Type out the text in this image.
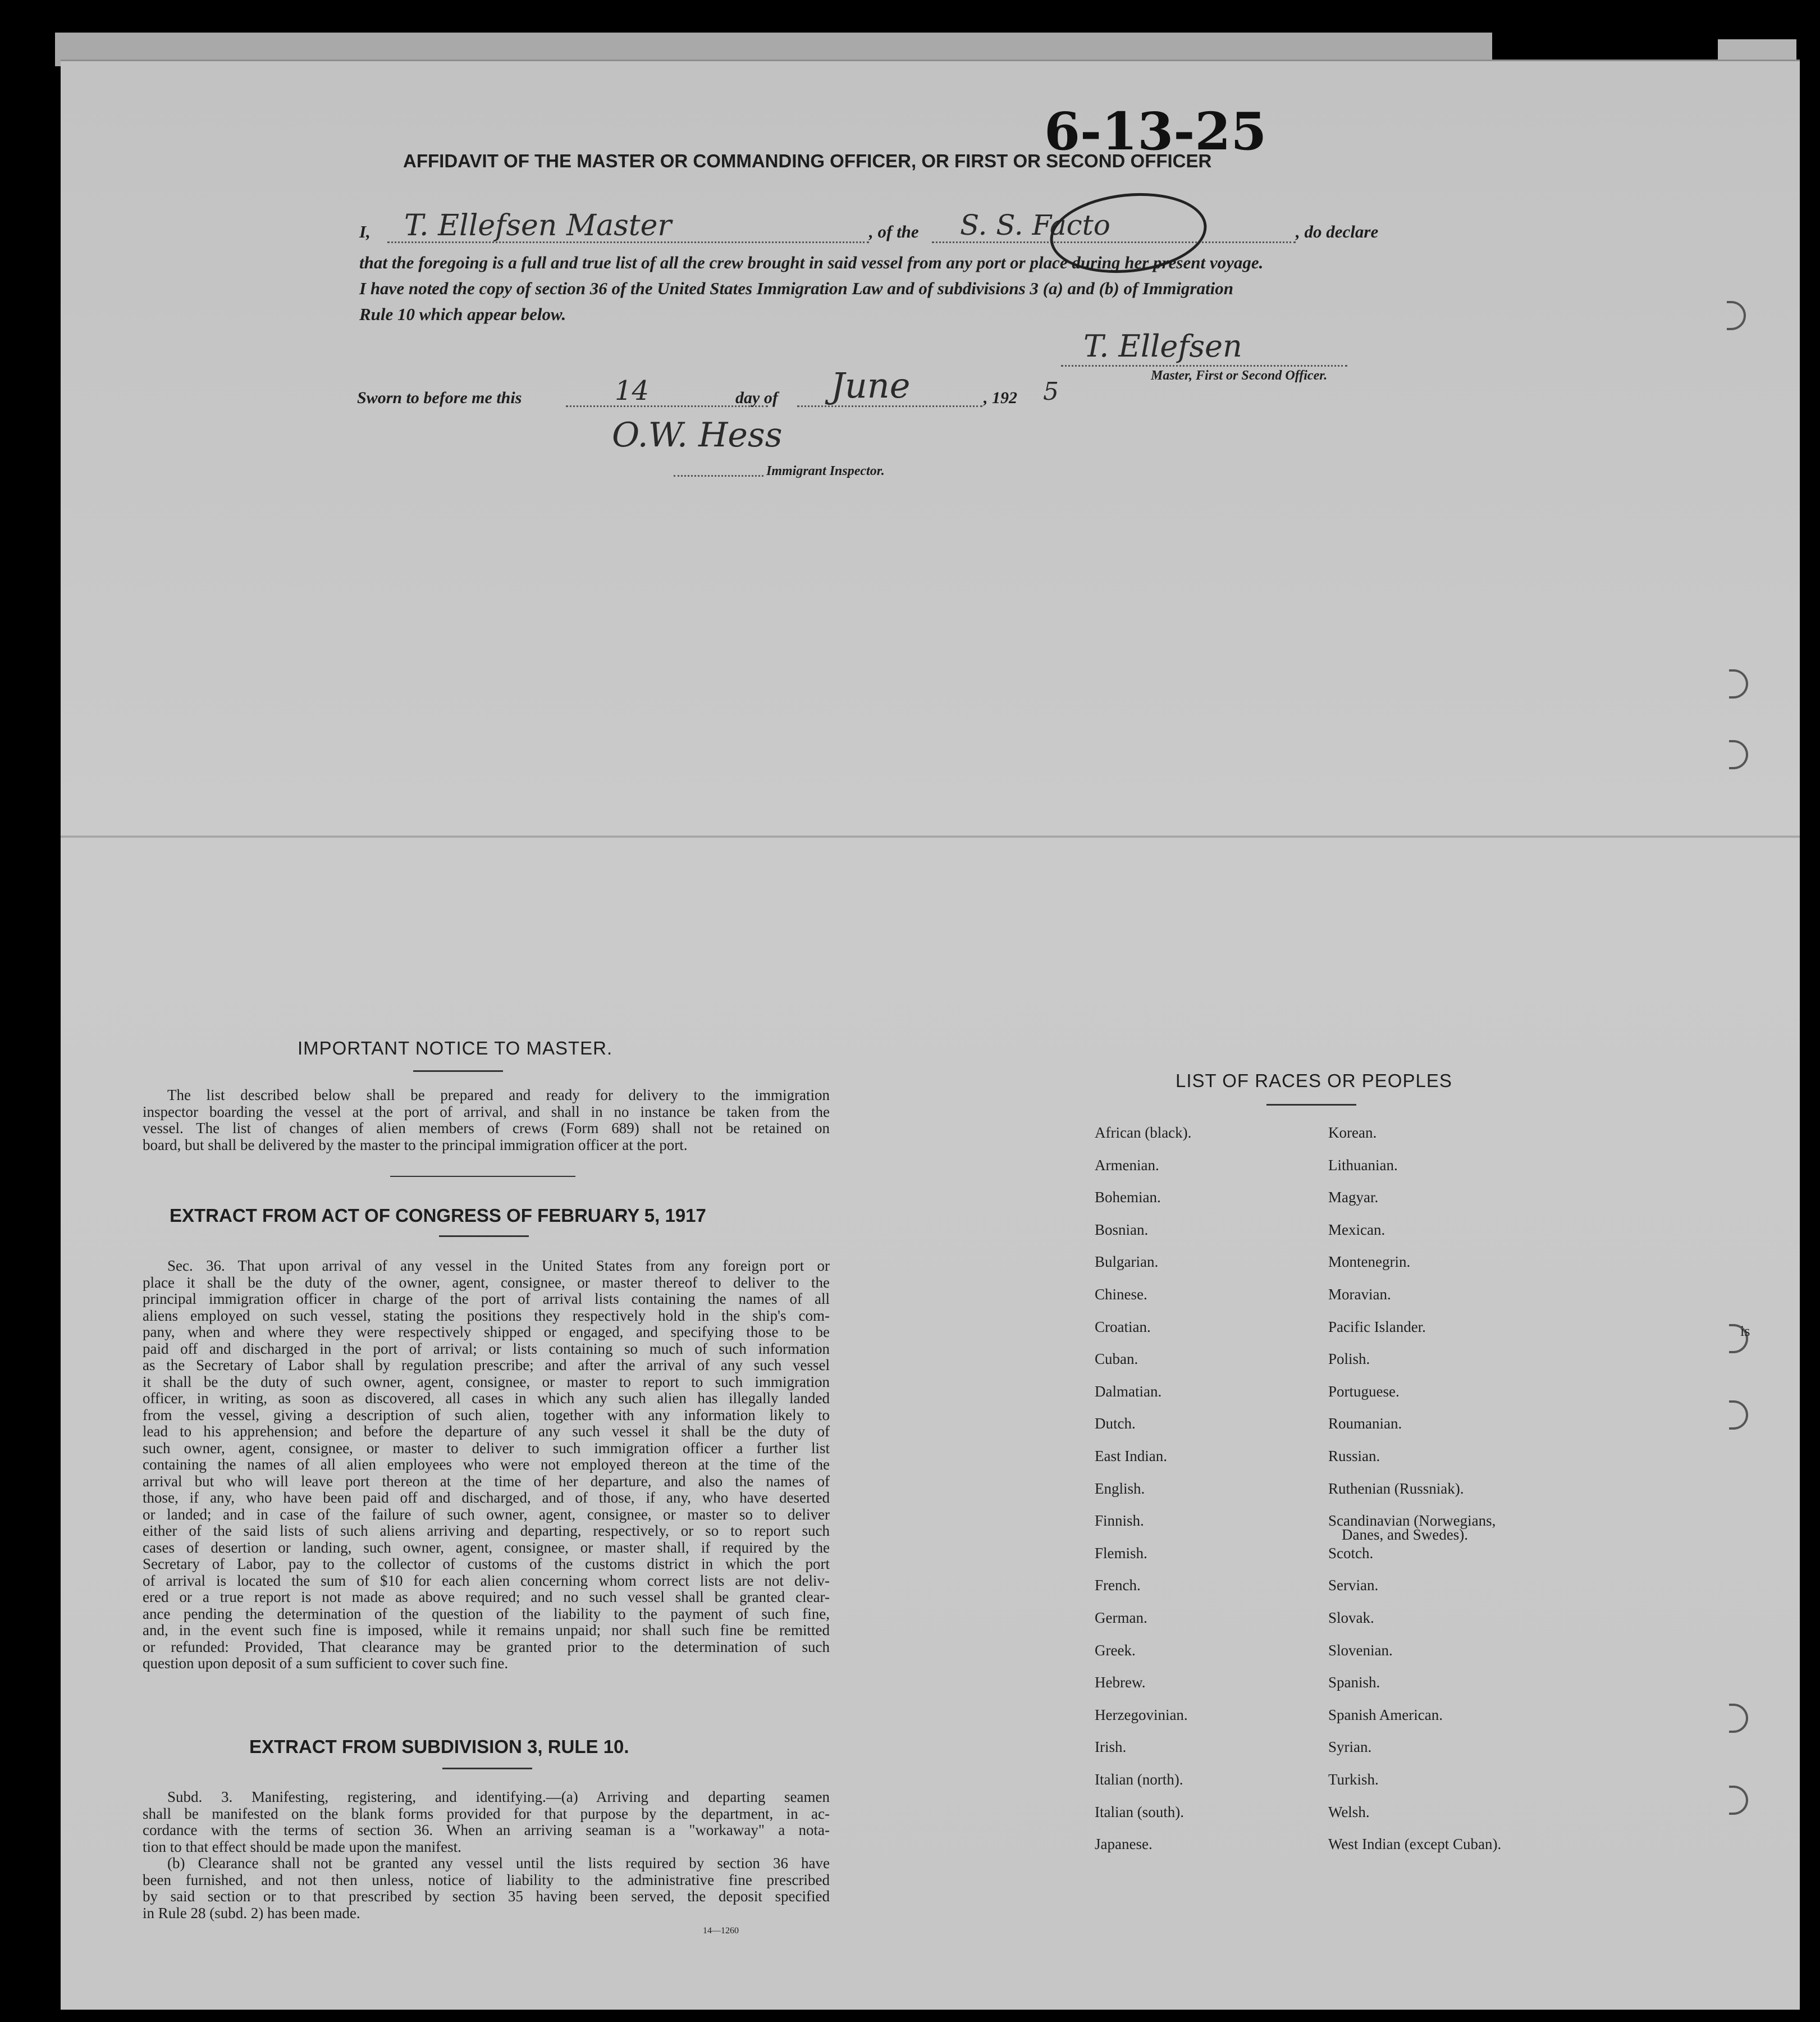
6-13-25
AFFIDAVIT OF THE MASTER OR COMMANDING OFFICER, OR FIRST OR SECOND OFFICER
I, T. Ellefsen Master	, of the S. S. Facto	, do declare
that the foregoing is a full and true list of all the crew brought in said vessel from any port or place during her present voyage.
I have noted the copy of section 36 of the United States Immigration Law and of subdivisions 3 (a) and (b) of Immigration
Rule 10 which appear below.
T. Ellefsen
Master, First or Second Officer.
Sworn to before me this	14	day of June	, 192 5
O.W. Hess
Immigrant Inspector.
IMPORTANT NOTICE TO MASTER.

The list described below shall be prepared and ready for delivery to the immigration

inspector boarding the vessel at the port of arrival, and shall in no instance be taken from the

vessel. The list of changes of alien members of crews (Form 689) shall not be retained on

board, but shall be delivered by the master to the principal immigration officer at the port.

EXTRACT FROM ACT OF CONGRESS OF FEBRUARY 5, 1917

Sec. 36. That upon arrival of any vessel in the United States from any foreign port or

place it shall be the duty of the owner, agent, consignee, or master thereof to deliver to the

principal immigration officer in charge of the port of arrival lists containing the names of all

aliens employed on such vessel, stating the positions they respectively hold in the ship's com-

pany, when and where they were respectively shipped or engaged, and specifying those to be

paid off and discharged in the port of arrival; or lists containing so much of such information

as the Secretary of Labor shall by regulation prescribe; and after the arrival of any such vessel

it shall be the duty of such owner, agent, consignee, or master to report to such immigration

officer, in writing, as soon as discovered, all cases in which any such alien has illegally landed

from the vessel, giving a description of such alien, together with any information likely to

lead to his apprehension; and before the departure of any such vessel it shall be the duty of

such owner, agent, consignee, or master to deliver to such immigration officer a further list

containing the names of all alien employees who were not employed thereon at the time of the

arrival but who will leave port thereon at the time of her departure, and also the names of

those, if any, who have been paid off and discharged, and of those, if any, who have deserted

or landed; and in case of the failure of such owner, agent, consignee, or master so to deliver

either of the said lists of such aliens arriving and departing, respectively, or so to report such

cases of desertion or landing, such owner, agent, consignee, or master shall, if required by the

Secretary of Labor, pay to the collector of customs of the customs district in which the port

of arrival is located the sum of $10 for each alien concerning whom correct lists are not deliv-

ered or a true report is not made as above required; and no such vessel shall be granted clear-

ance pending the determination of the question of the liability to the payment of such fine,

and, in the event such fine is imposed, while it remains unpaid; nor shall such fine be remitted

or refunded: Provided, That clearance may be granted prior to the determination of such

question upon deposit of a sum sufficient to cover such fine.

EXTRACT FROM SUBDIVISION 3, RULE 10.

Subd. 3. Manifesting, registering, and identifying.—(a) Arriving and departing seamen

shall be manifested on the blank forms provided for that purpose by the department, in ac-

cordance with the terms of section 36. When an arriving seaman is a "workaway" a nota-

tion to that effect should be made upon the manifest.

(b) Clearance shall not be granted any vessel until the lists required by section 36 have

been furnished, and not then unless, notice of liability to the administrative fine prescribed

by said section or to that prescribed by section 35 having been served, the deposit specified

in Rule 28 (subd. 2) has been made.

14—1260
LIST OF RACES OR PEOPLES
African (black).
Armenian.
Bohemian.
Bosnian.
Bulgarian.
Chinese.
Croatian.
Cuban.
Dalmatian.
Dutch.
East Indian.
English.
Finnish.
Flemish.
French.
German.
Greek.
Hebrew.
Herzegovinian.
Irish.
Italian (north).
Italian (south).
Japanese.
Korean.
Lithuanian.
Magyar.
Mexican.
Montenegrin.
Moravian.
Pacific Islander.
Polish.
Portuguese.
Roumanian.
Russian.
Ruthenian (Russniak).
Scandinavian (Norwegians,
Scotch.
Servian.
Slovak.
Slovenian.
Spanish.
Spanish American.
Syrian.
Turkish.
Welsh.
West Indian (except Cuban).
Danes, and Swedes).
is
